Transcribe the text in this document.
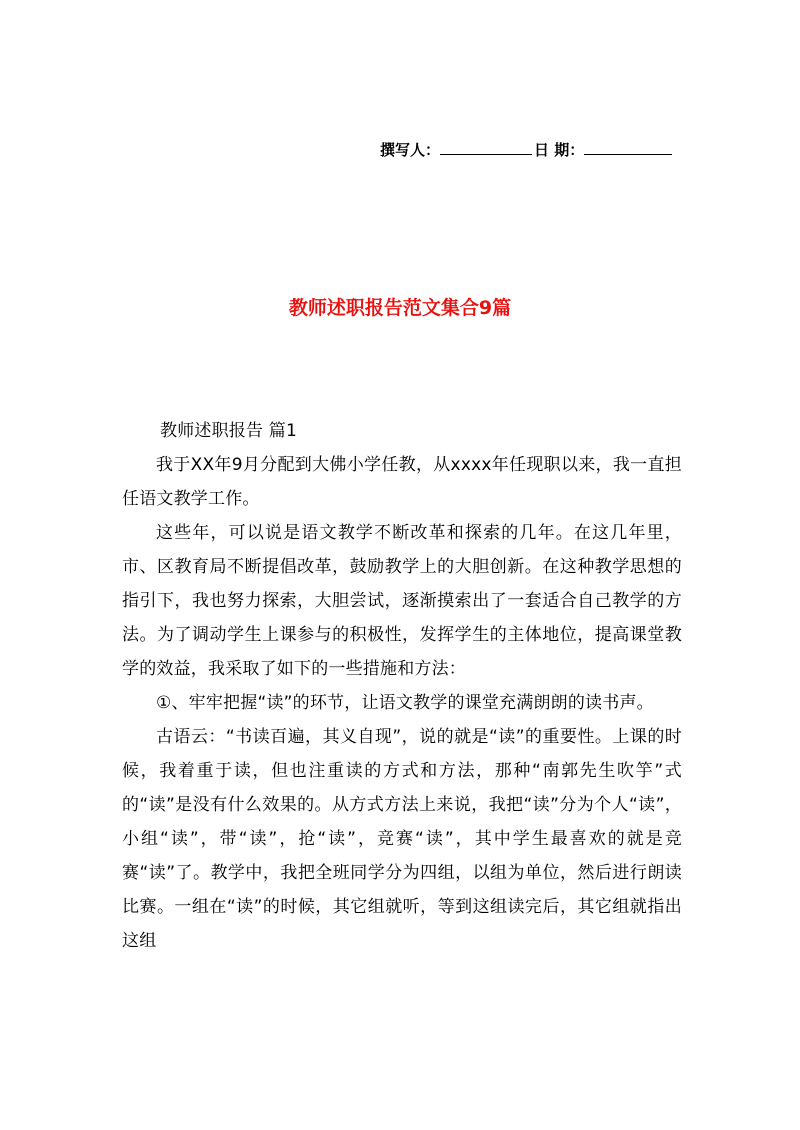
撰写人：	日 期：
教师述职报告范文集合9篇
教师述职报告 篇1

我于XX年9月分配到大佛小学任教，从xxxx年任现职以来，我一直担任语文教学工作。

这些年，可以说是语文教学不断改革和探索的几年。在这几年里，市、区教育局不断提倡改革，鼓励教学上的大胆创新。在这种教学思想的指引下，我也努力探索，大胆尝试，逐渐摸索出了一套适合自己教学的方法。为了调动学生上课参与的积极性，发挥学生的主体地位，提高课堂教学的效益，我采取了如下的一些措施和方法：

①、牢牢把握“读”的环节，让语文教学的课堂充满朗朗的读书声。

古语云：“书读百遍，其义自现”，说的就是“读”的重要性。上课的时候，我着重于读，但也注重读的方式和方法，那种“南郭先生吹竽”式的“读”是没有什么效果的。从方式方法上来说，我把“读”分为个人“读”，小组“读”，带“读”，抢“读”，竞赛“读”，其中学生最喜欢的就是竞赛“读”了。教学中，我把全班同学分为四组，以组为单位，然后进行朗读比赛。一组在“读”的时候，其它组就听，等到这组读完后，其它组就指出这组
